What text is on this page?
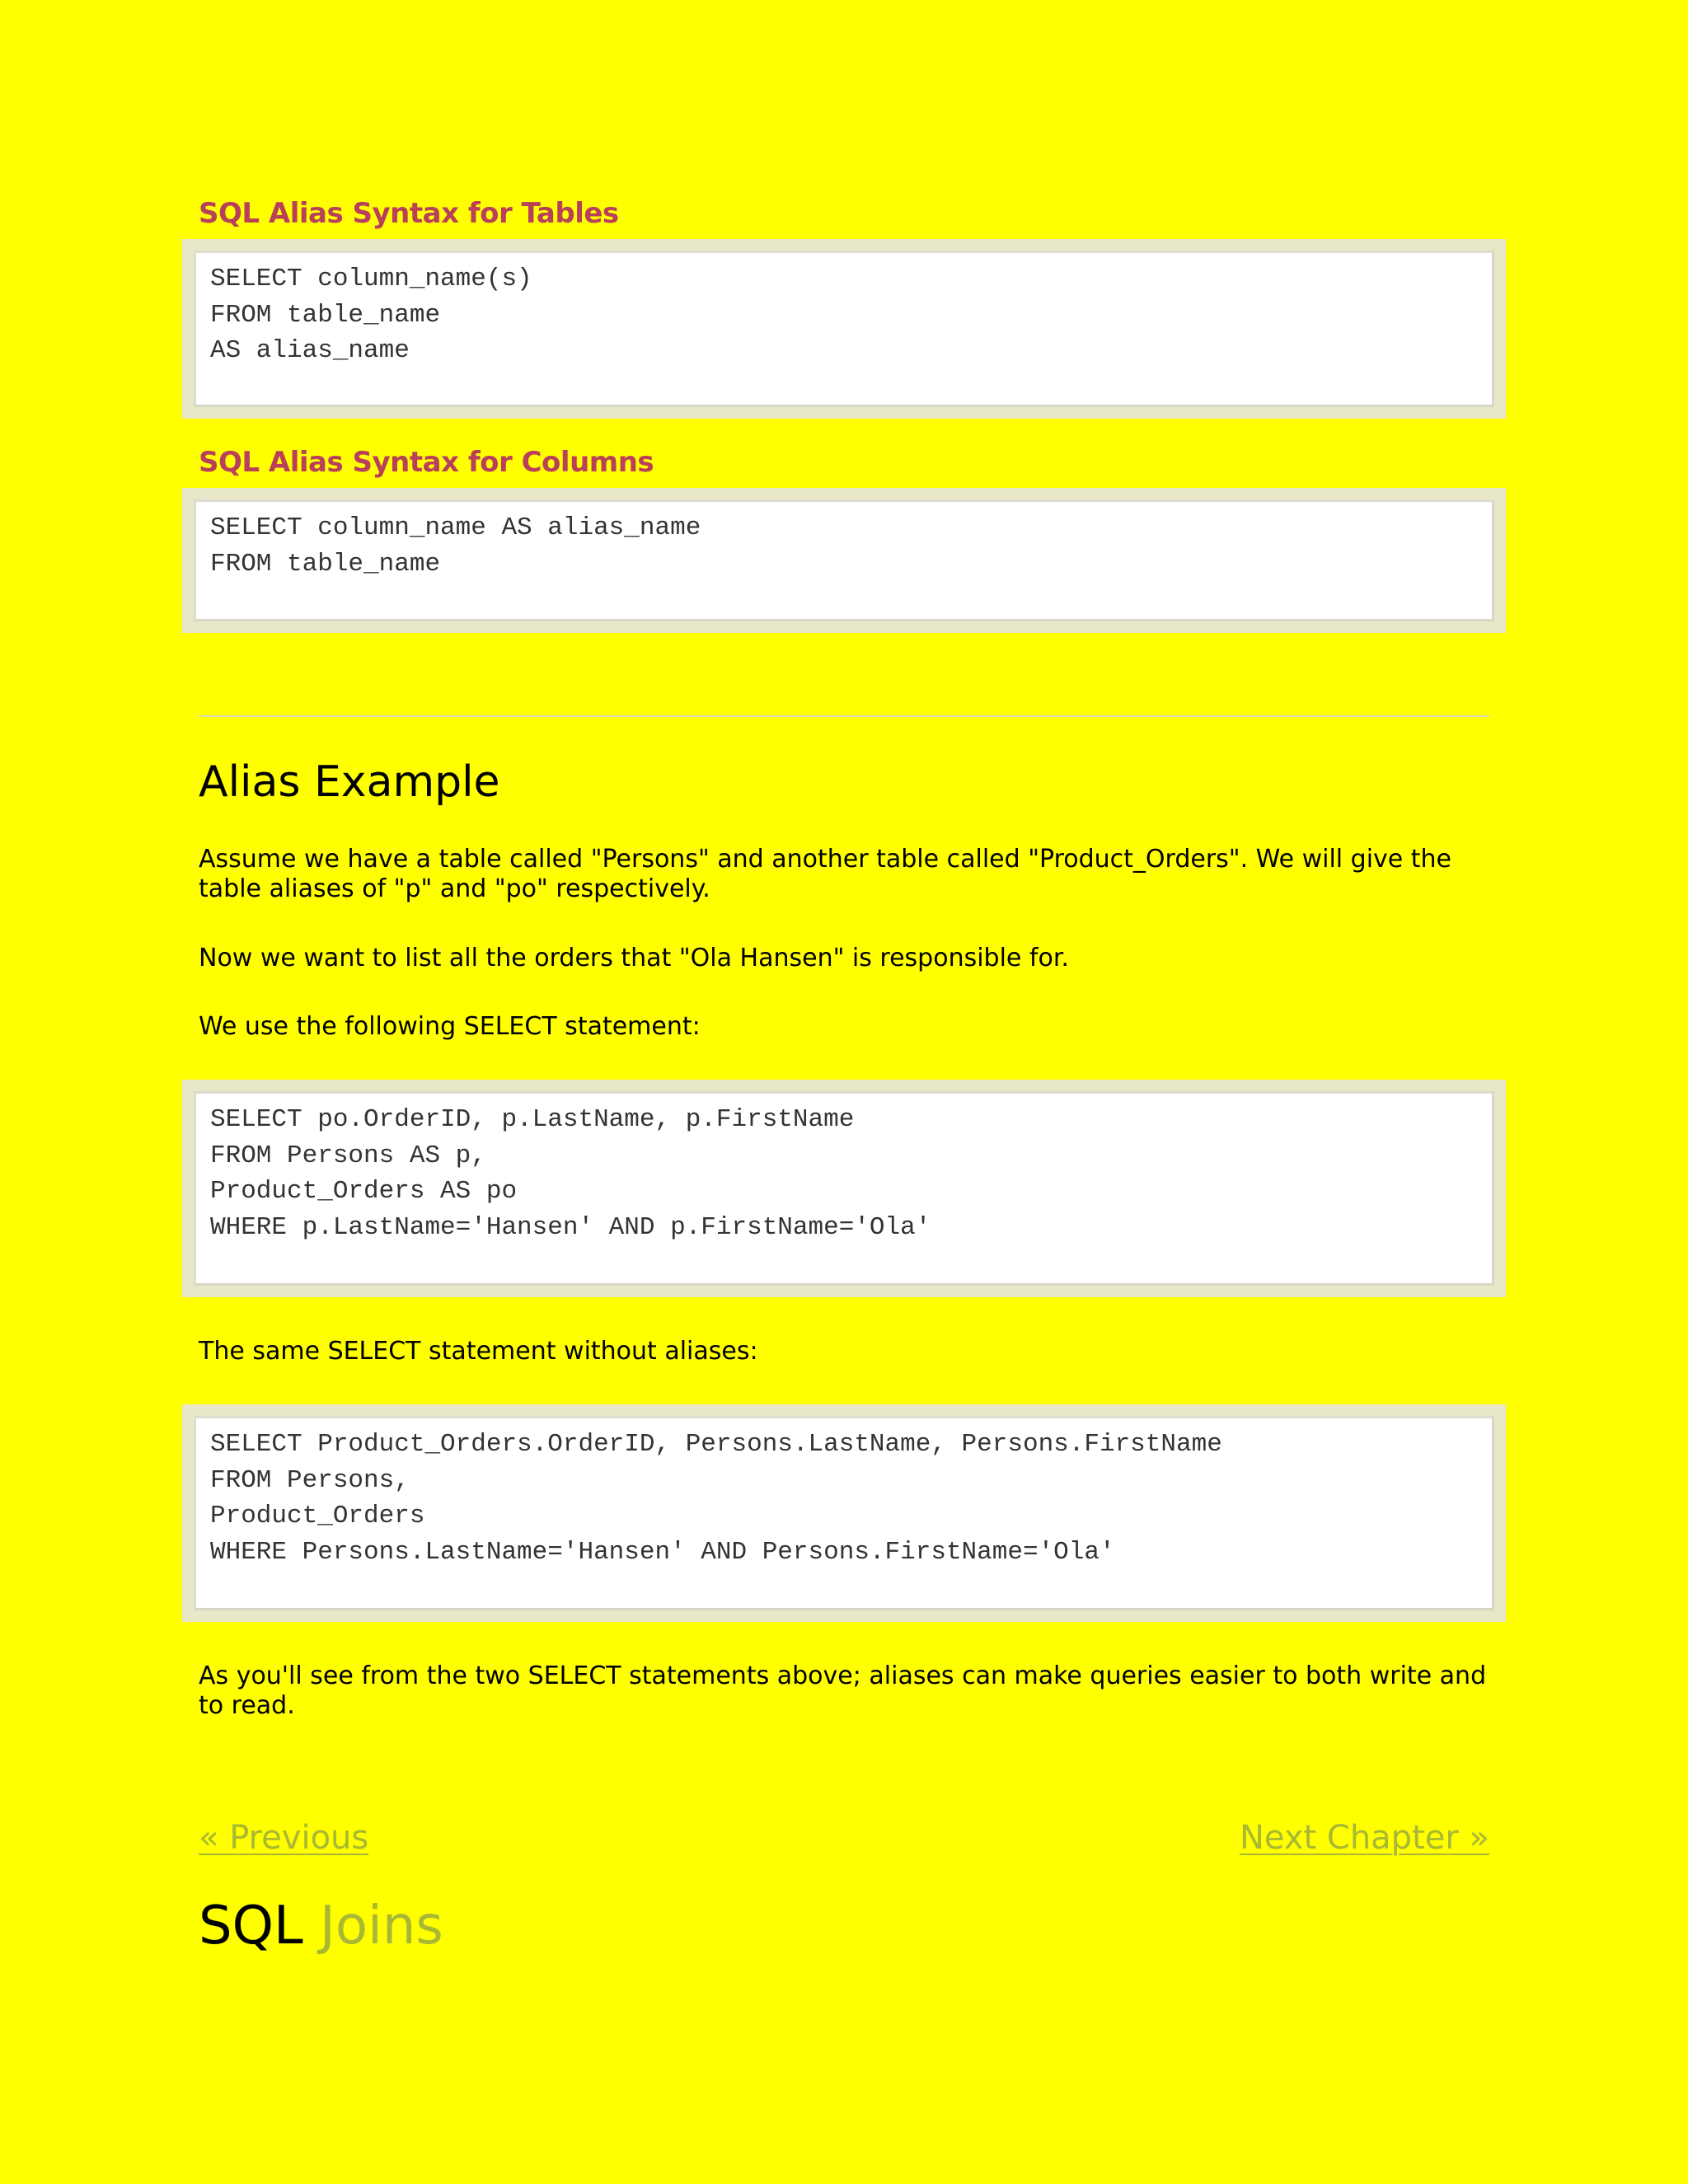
SQL Alias Syntax for Tables
SELECT column_name(s)
FROM table_name
AS alias_name
SQL Alias Syntax for Columns
SELECT column_name AS alias_name
FROM table_name
Alias Example

Assume we have a table called "Persons" and another table called "Product_Orders". We will give the table aliases of "p" and "po" respectively.

Now we want to list all the orders that "Ola Hansen" is responsible for.

We use the following SELECT statement:

SELECT po.OrderID, p.LastName, p.FirstName
FROM Persons AS p,
Product_Orders AS po
WHERE p.LastName='Hansen' AND p.FirstName='Ola'

The same SELECT statement without aliases:

SELECT Product_Orders.OrderID, Persons.LastName, Persons.FirstName
FROM Persons,
Product_Orders
WHERE Persons.LastName='Hansen' AND Persons.FirstName='Ola'

As you'll see from the two SELECT statements above; aliases can make queries easier to both write and to read.

« Previous	Next Chapter »
SQL Joins
